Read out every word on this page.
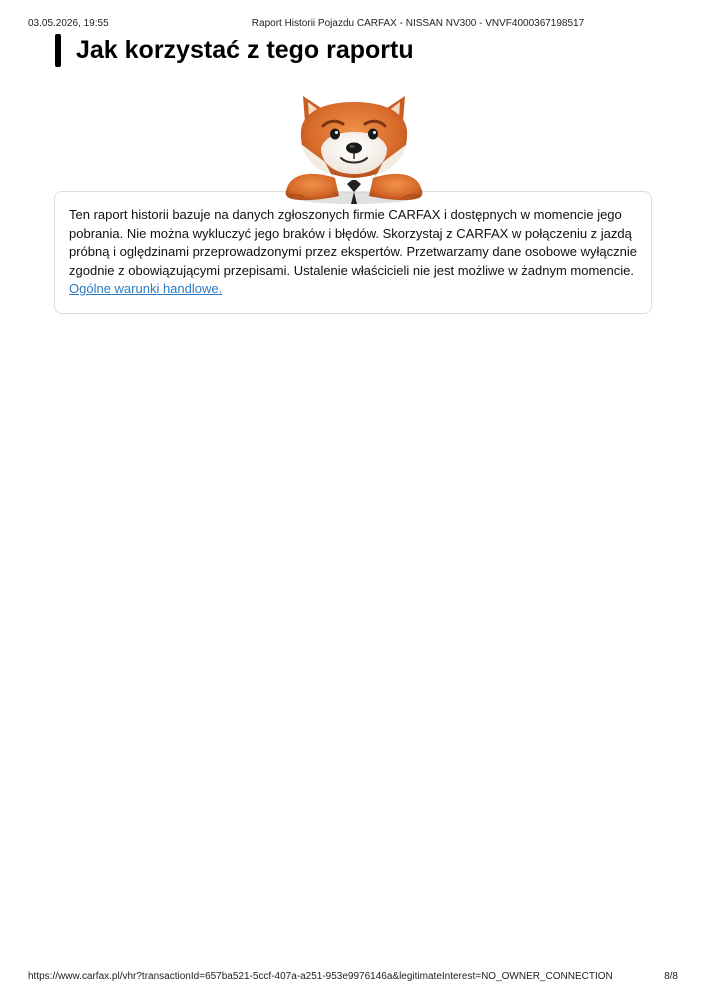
03.05.2026, 19:55	Raport Historii Pojazdu CARFAX - NISSAN NV300 - VNVF4000367198517
Jak korzystać z tego raportu
Ten raport historii bazuje na danych zgłoszonych firmie CARFAX i dostępnych w momencie jego pobrania. Nie można wykluczyć jego braków i błędów. Skorzystaj z CARFAX w połączeniu z jazdą próbną i oględzinami przeprowadzonymi przez ekspertów. Przetwarzamy dane osobowe wyłącznie zgodnie z obowiązującymi przepisami. Ustalenie właścicieli nie jest możliwe w żadnym momencie.
Ogólne warunki handlowe.
https://www.carfax.pl/vhr?transactionId=657ba521-5ccf-407a-a251-953e9976146a&legitimateInterest=NO_OWNER_CONNECTION	8/8
